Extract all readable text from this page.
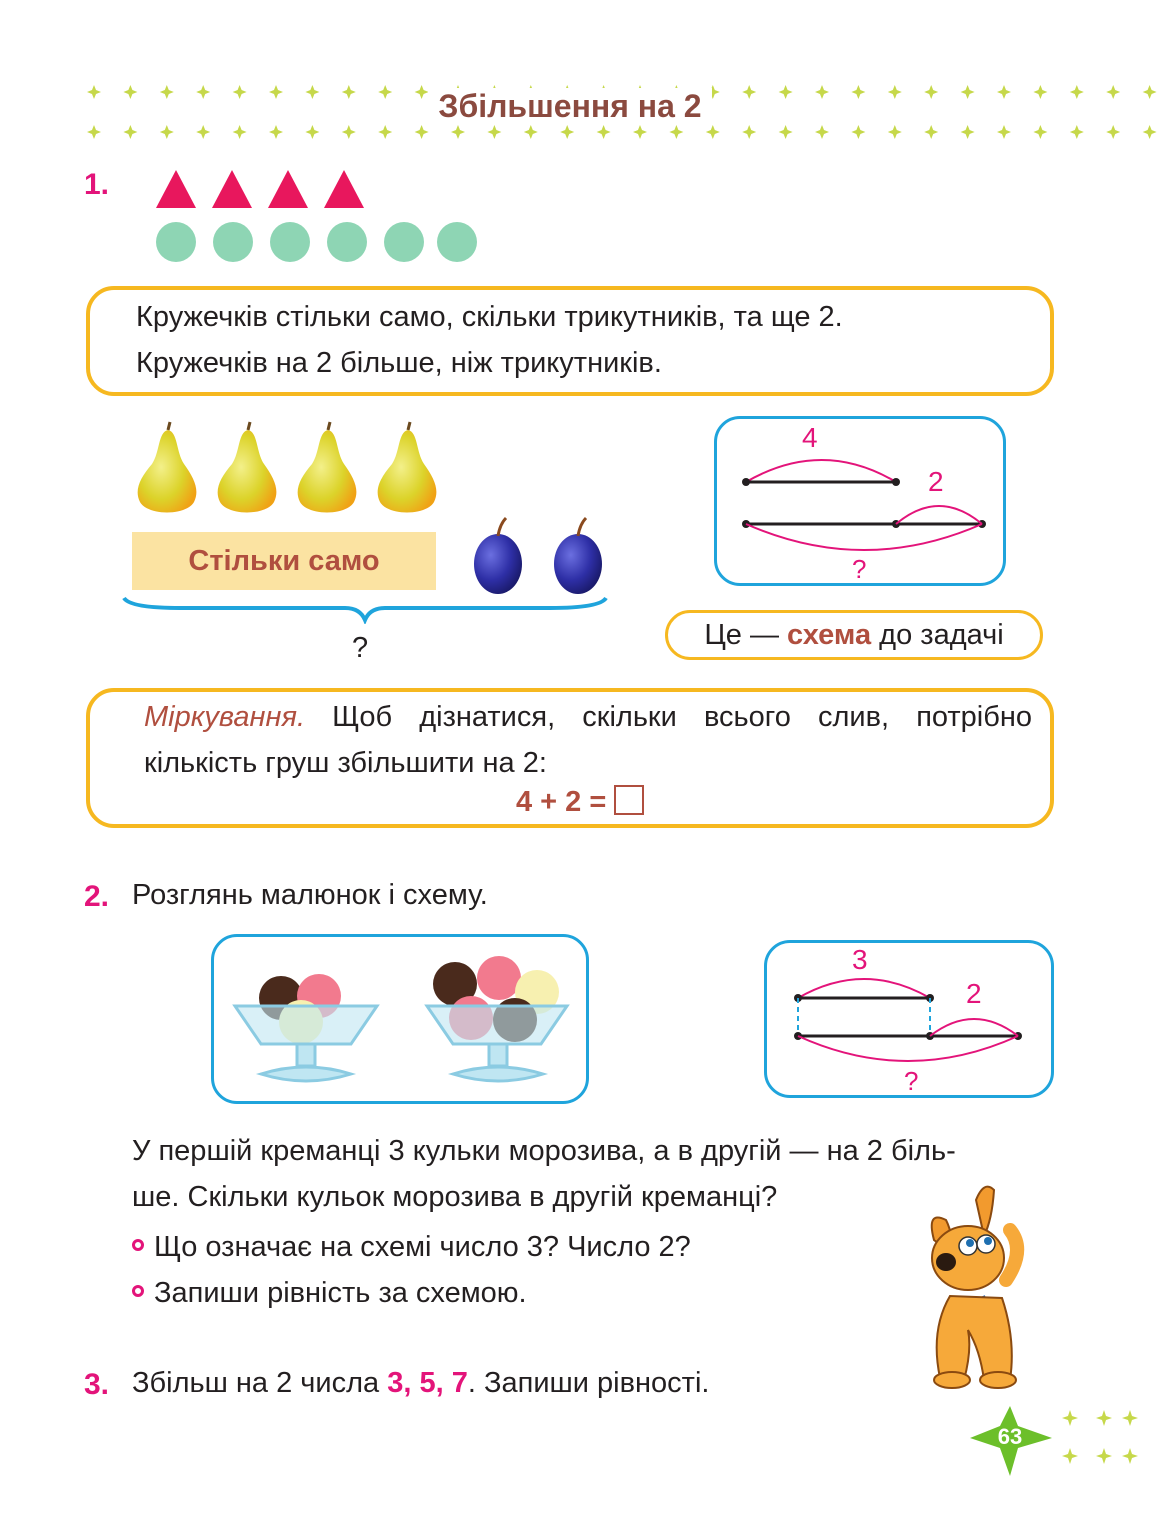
Збільшення на 2
1.
Кружечків стільки само, скільки трикутників, та ще 2.
Кружечків на 2 більше, ніж трикутників.
Стільки само
?
4
2
?
Це — схема до задачі
Міркування. Щоб дізнатися, скільки всього слив, потрібно кількість груш збільшити на 2:
4 + 2 =
2. Розглянь малюнок і схему.
3
2
?
У першій креманці 3 кульки морозива, а в другій — на 2 біль-
ше. Скільки кульок морозива в другій креманці?
Що означає на схемі число 3? Число 2?
Запиши рівність за схемою.
3. Збільш на 2 числа 3, 5, 7. Запиши рівності.
63
